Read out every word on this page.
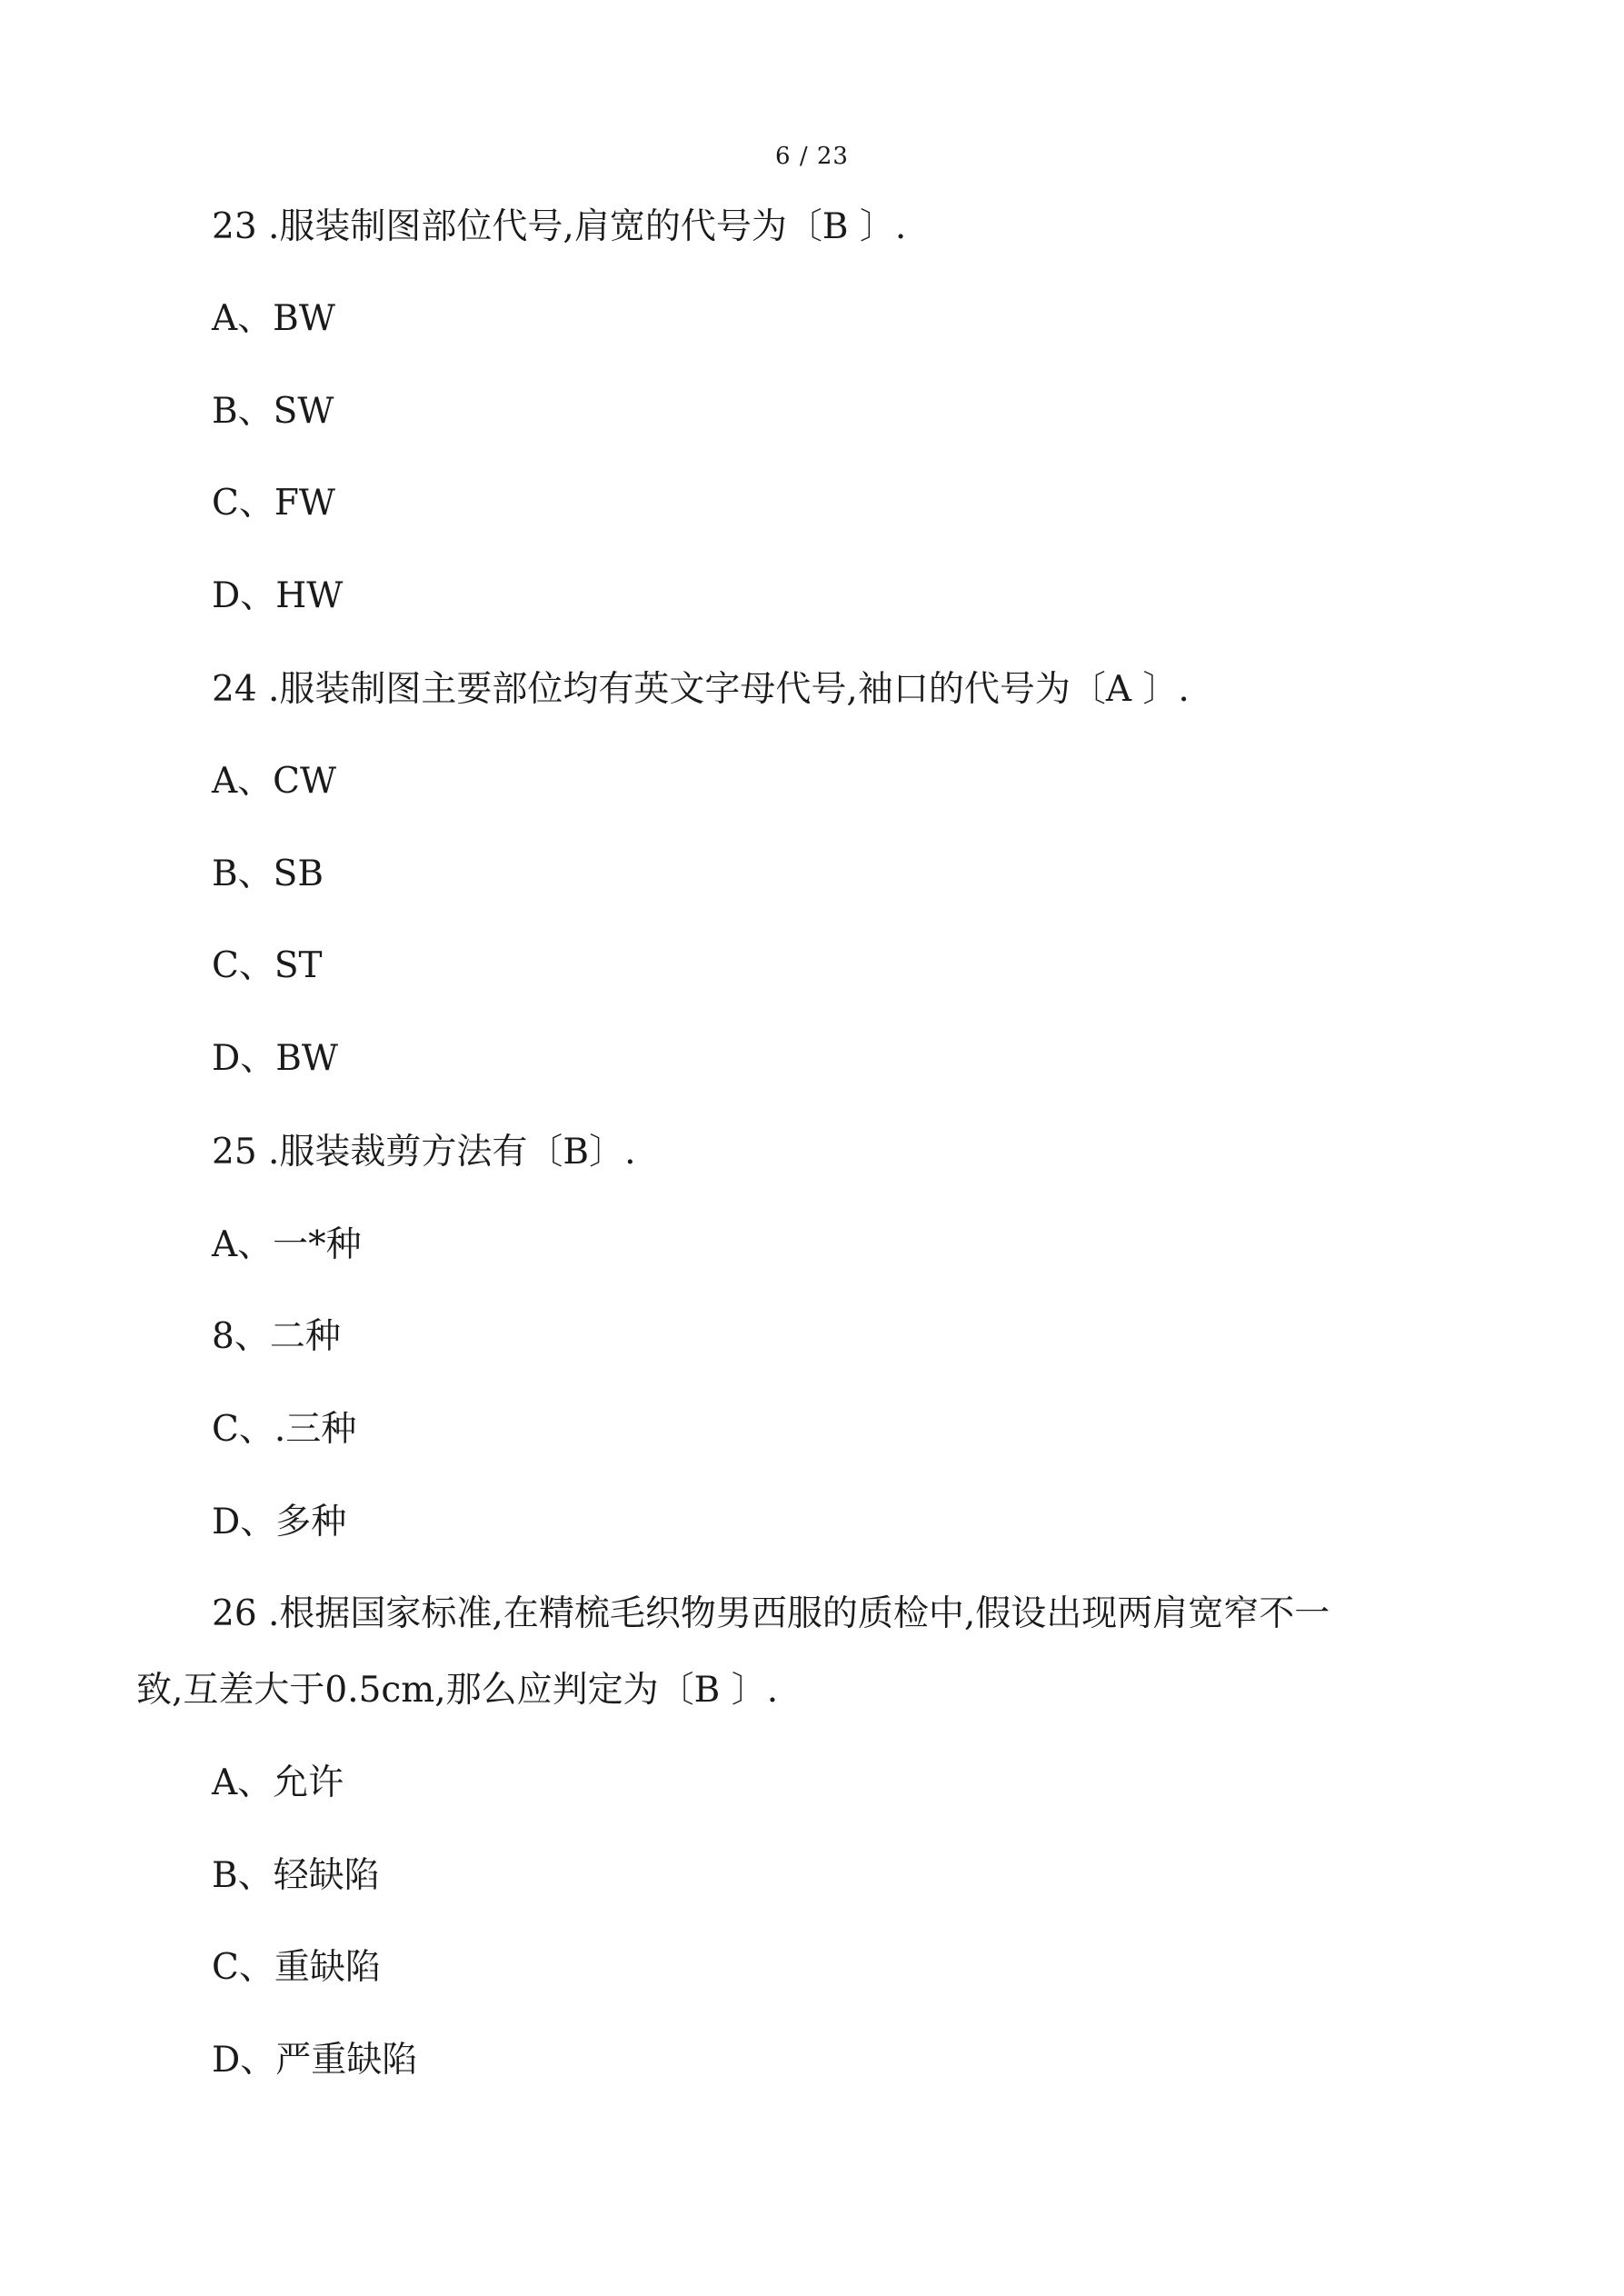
6 / 23
23 .服装制图部位代号,肩宽的代号为〔B 〕.
A、BW
B、SW
C、FW
D、HW
24 .服装制图主要部位均有英文字母代号,袖口的代号为〔A 〕.
A、CW
B、SB
C、ST
D、BW
25 .服装裁剪方法有〔B〕.
A、一*种
8、二种
C、.三种
D、多种
26 .根据国家标准,在精梳毛织物男西服的质检中,假设出现两肩宽窄不一
致,互差大于0.5cm,那么应判定为〔B 〕.
A、允许
B、轻缺陷
C、重缺陷
D、严重缺陷
